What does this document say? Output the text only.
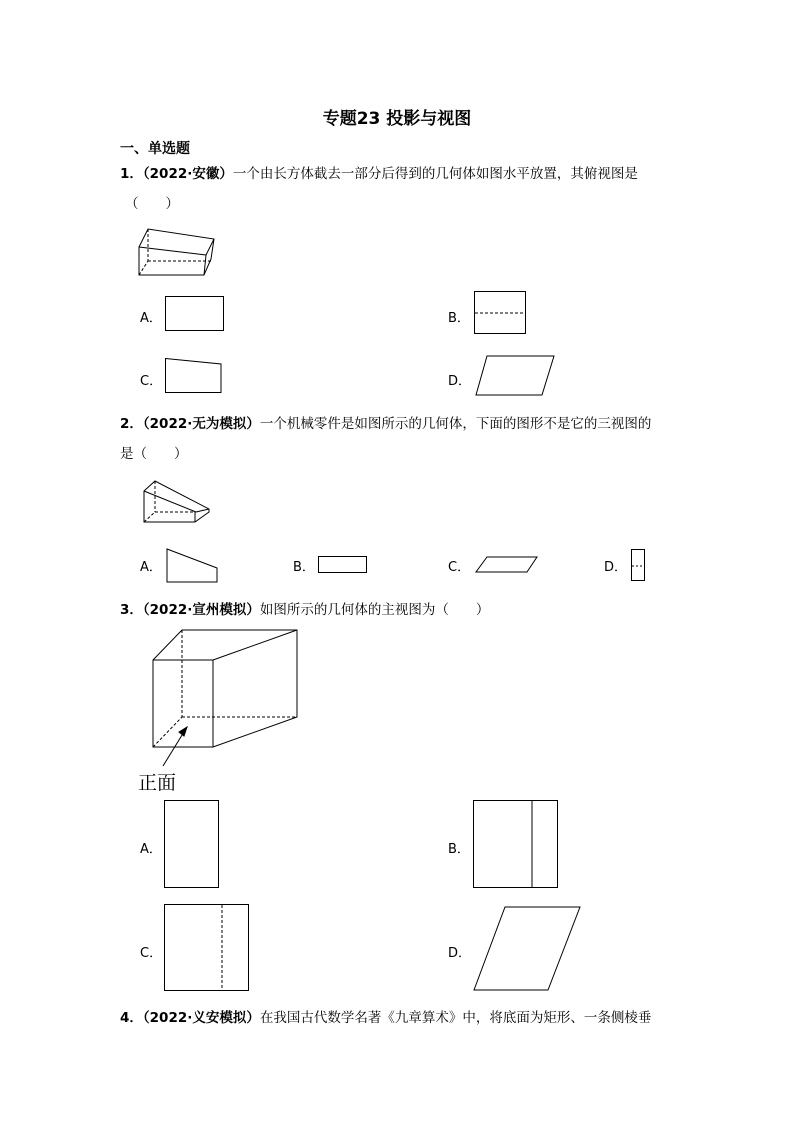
专题23 投影与视图
一、单选题
1．（2022·安徽）一个由长方体截去一部分后得到的几何体如图水平放置，其俯视图是
（　　）
A．	B．
C．	D．
2．（2022·无为模拟）一个机械零件是如图所示的几何体，下面的图形不是它的三视图的
是（　　）
A．	B．	C．	D．
3．（2022·宣州模拟）如图所示的几何体的主视图为（　　）
正面
A．	B．
C．	D．
4．（2022·义安模拟）在我国古代数学名著《九章算术》中，将底面为矩形、一条侧棱垂
